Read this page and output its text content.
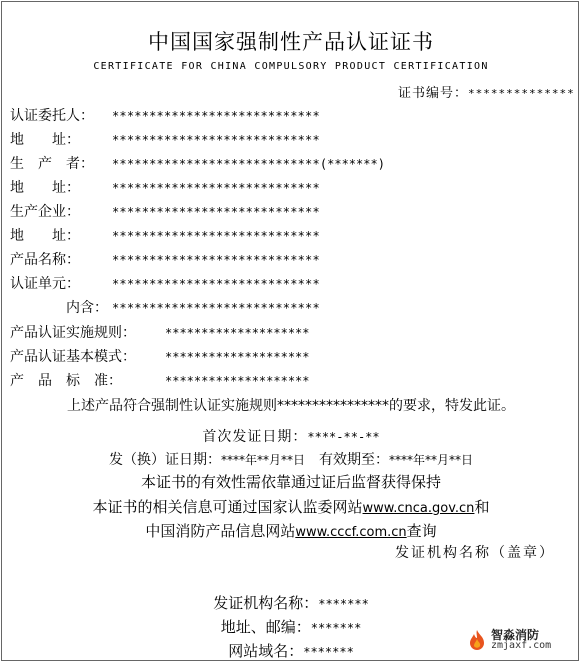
中国国家强制性产品认证证书
CERTIFICATE FOR CHINA COMPULSORY PRODUCT CERTIFICATION
证书编号：**************
认证委托人： ****************************
地　　址：	****************************
生　产　者： ****************************(*******)
地　　址：	****************************
生产企业：	****************************
地　　址：	****************************
产品名称：	****************************
认证单元：	****************************
内含： ****************************
产品认证实施规则： ********************
产品认证基本模式： ********************
产　品　标　准：	********************
上述产品符合强制性认证实施规则****************的要求，特发此证。
首次发证日期：****-**-**
发（换）证日期：****年**月**日 有效期至：****年**月**日
本证书的有效性需依靠通过证后监督获得保持
本证书的相关信息可通过国家认监委网站www.cnca.gov.cn和
中国消防产品信息网站www.cccf.com.cn查询
发证机构名称（盖章）
发证机构名称：*******
地址、邮编：*******
网站域名：*******
智淼消防
zmjaxf.com
